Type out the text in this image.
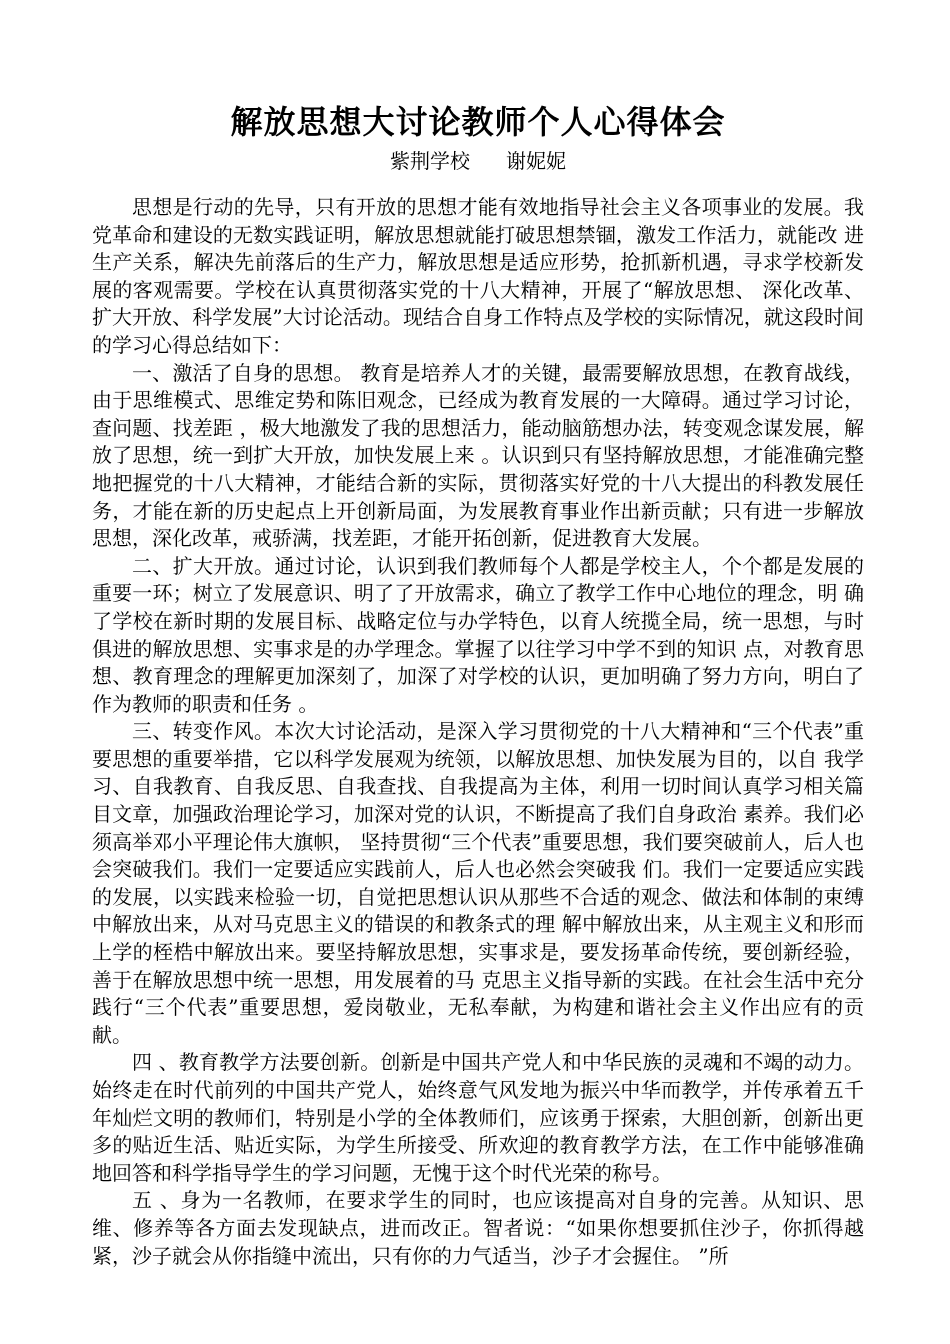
解放思想大讨论教师个人心得体会
紫荆学校 谢妮妮

思想是行动的先导，只有开放的思想才能有效地指导社会主义各项事业的发展。我党革命和建设的无数实践证明，解放思想就能打破思想禁锢，激发工作活力，就能改 进生产关系，解决先前落后的生产力，解放思想是适应形势，抢抓新机遇，寻求学校新发展的客观需要。学校在认真贯彻落实党的十八大精神，开展了“解放思想、 深化改革、扩大开放、科学发展”大讨论活动。现结合自身工作特点及学校的实际情况，就这段时间的学习心得总结如下：

一、激活了自身的思想。 教育是培养人才的关键，最需要解放思想，在教育战线，由于思维模式、思维定势和陈旧观念，已经成为教育发展的一大障碍。通过学习讨论，查问题、找差距 ，极大地激发了我的思想活力，能动脑筋想办法，转变观念谋发展，解放了思想，统一到扩大开放，加快发展上来 。认识到只有坚持解放思想，才能准确完整地把握党的十八大精神，才能结合新的实际，贯彻落实好党的十八大提出的科教发展任务，才能在新的历史起点上开创新局面，为发展教育事业作出新贡献；只有进一步解放思想，深化改革，戒骄满，找差距，才能开拓创新，促进教育大发展。

二、扩大开放。通过讨论，认识到我们教师每个人都是学校主人，个个都是发展的重要一环；树立了发展意识、明了了开放需求，确立了教学工作中心地位的理念，明 确了学校在新时期的发展目标、战略定位与办学特色，以育人统揽全局，统一思想，与时俱进的解放思想、实事求是的办学理念。掌握了以往学习中学不到的知识 点，对教育思想、教育理念的理解更加深刻了，加深了对学校的认识，更加明确了努力方向，明白了作为教师的职责和任务 。

三、转变作风。本次大讨论活动，是深入学习贯彻党的十八大精神和“三个代表”重要思想的重要举措，它以科学发展观为统领，以解放思想、加快发展为目的，以自 我学习、自我教育、自我反思、自我查找、自我提高为主体，利用一切时间认真学习相关篇目文章，加强政治理论学习，加深对党的认识，不断提高了我们自身政治 素养。我们必须高举邓小平理论伟大旗帜， 坚持贯彻“三个代表”重要思想，我们要突破前人，后人也会突破我们。我们一定要适应实践前人，后人也必然会突破我 们。我们一定要适应实践的发展，以实践来检验一切，自觉把思想认识从那些不合适的观念、做法和体制的束缚中解放出来，从对马克思主义的错误的和教条式的理 解中解放出来，从主观主义和形而上学的桎梏中解放出来。要坚持解放思想，实事求是，要发扬革命传统，要创新经验，善于在解放思想中统一思想，用发展着的马 克思主义指导新的实践。在社会生活中充分践行“三个代表”重要思想，爱岗敬业，无私奉献，为构建和谐社会主义作出应有的贡献。

四 、教育教学方法要创新。创新是中国共产党人和中华民族的灵魂和不竭的动力。始终走在时代前列的中国共产党人，始终意气风发地为振兴中华而教学，并传承着五千年灿烂文明的教师们，特别是小学的全体教师们，应该勇于探索，大胆创新，创新出更多的贴近生活、贴近实际，为学生所接受、所欢迎的教育教学方法，在工作中能够准确地回答和科学指导学生的学习问题，无愧于这个时代光荣的称号。

五 、身为一名教师，在要求学生的同时，也应该提高对自身的完善。从知识、思维、修养等各方面去发现缺点，进而改正。智者说：“如果你想要抓住沙子，你抓得越紧，沙子就会从你指缝中流出，只有你的力气适当，沙子才会握住。 ”所
